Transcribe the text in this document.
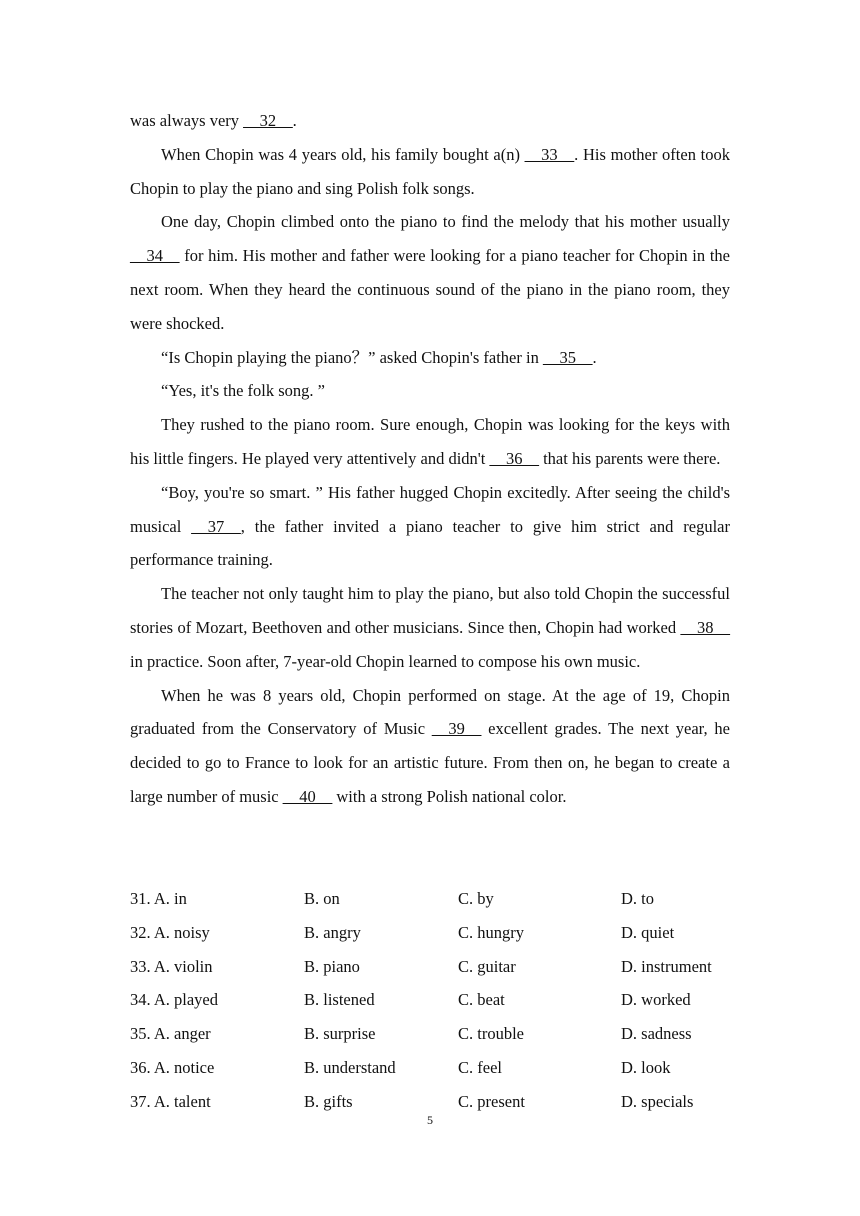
was always very __32__.

When Chopin was 4 years old, his family bought a(n) __33__. His mother often took Chopin to play the piano and sing Polish folk songs.

One day, Chopin climbed onto the piano to find the melody that his mother usually __34__ for him. His mother and father were looking for a piano teacher for Chopin in the next room. When they heard the continuous sound of the piano in the piano room, they were shocked.

“Is Chopin playing the piano？” asked Chopin's father in __35__.

“Yes, it's the folk song. ”

They rushed to the piano room. Sure enough, Chopin was looking for the keys with his little fingers. He played very attentively and didn't __36__ that his parents were there.

“Boy, you're so smart. ” His father hugged Chopin excitedly. After seeing the child's musical __37__, the father invited a piano teacher to give him strict and regular performance training.

The teacher not only taught him to play the piano, but also told Chopin the successful stories of Mozart, Beethoven and other musicians. Since then, Chopin had worked __38__ in practice. Soon after, 7-year-old Chopin learned to compose his own music.

When he was 8 years old, Chopin performed on stage. At the age of 19, Chopin graduated from the Conservatory of Music __39__ excellent grades. The next year, he decided to go to France to look for an artistic future. From then on, he began to create a large number of music __40__ with a strong Polish national color.

31. A. in	B. on	C. by	D. to
32. A. noisy	B. angry	C. hungry	D. quiet
33. A. violin	B. piano	C. guitar	D. instrument
34. A. played	B. listened	C. beat	D. worked
35. A. anger	B. surprise	C. trouble	D. sadness
36. A. notice	B. understand	C. feel	D. look
37. A. talent	B. gifts	C. present	D. specials
5
